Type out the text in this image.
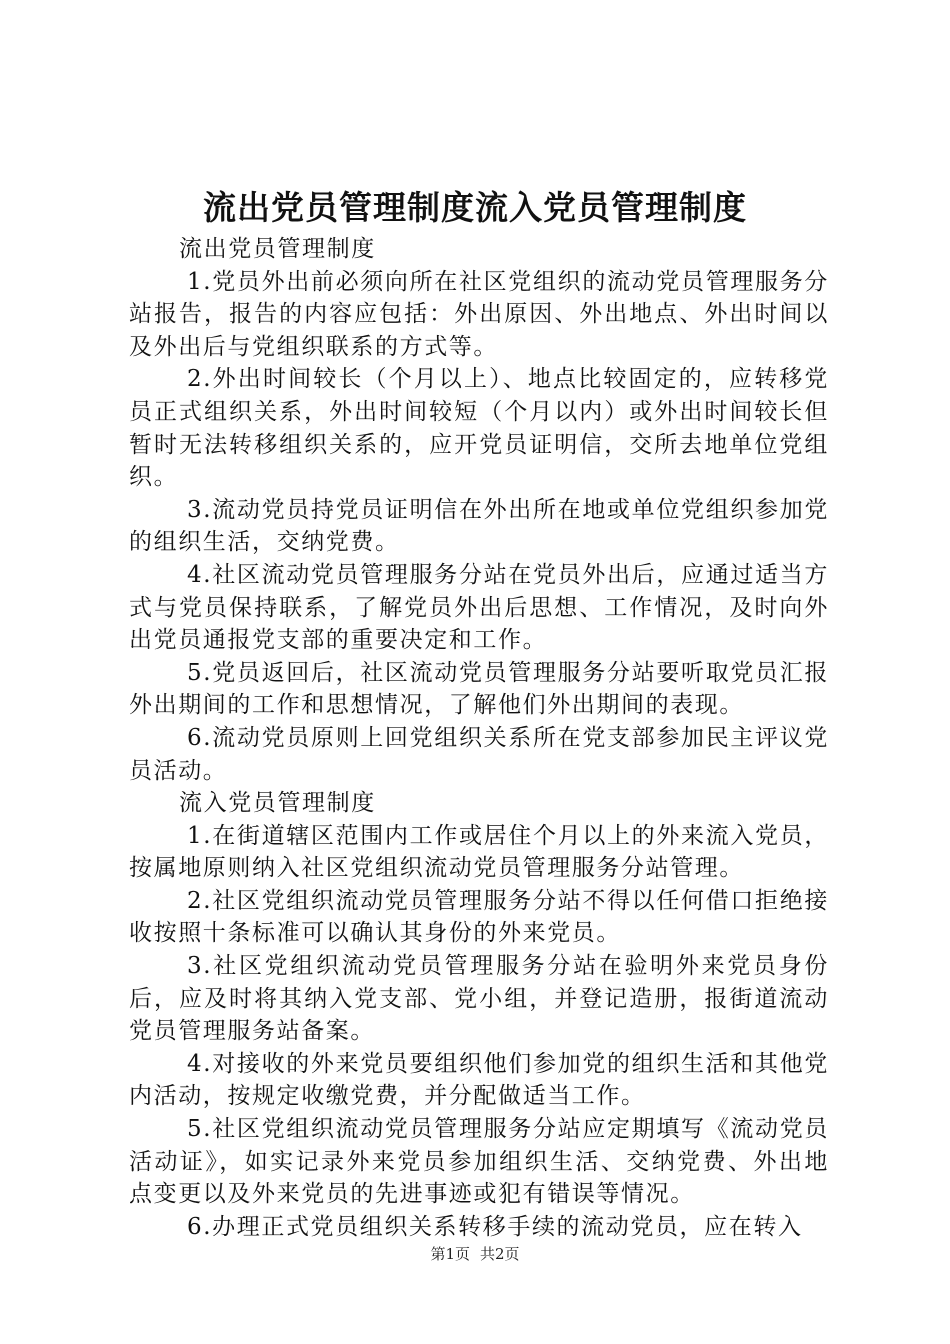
流出党员管理制度流入党员管理制度

流出党员管理制度

1.党员外出前必须向所在社区党组织的流动党员管理服务分站报告，报告的内容应包括：外出原因、外出地点、外出时间以及外出后与党组织联系的方式等。

2.外出时间较长（个月以上）、地点比较固定的，应转移党员正式组织关系，外出时间较短（个月以内）或外出时间较长但暂时无法转移组织关系的，应开党员证明信，交所去地单位党组织。

3.流动党员持党员证明信在外出所在地或单位党组织参加党的组织生活，交纳党费。

4.社区流动党员管理服务分站在党员外出后，应通过适当方式与党员保持联系，了解党员外出后思想、工作情况，及时向外出党员通报党支部的重要决定和工作。

5.党员返回后，社区流动党员管理服务分站要听取党员汇报外出期间的工作和思想情况，了解他们外出期间的表现。

6.流动党员原则上回党组织关系所在党支部参加民主评议党员活动。

流入党员管理制度

1.在街道辖区范围内工作或居住个月以上的外来流入党员，按属地原则纳入社区党组织流动党员管理服务分站管理。

2.社区党组织流动党员管理服务分站不得以任何借口拒绝接收按照十条标准可以确认其身份的外来党员。

3.社区党组织流动党员管理服务分站在验明外来党员身份后，应及时将其纳入党支部、党小组，并登记造册，报街道流动党员管理服务站备案。

4.对接收的外来党员要组织他们参加党的组织生活和其他党内活动，按规定收缴党费，并分配做适当工作。

5.社区党组织流动党员管理服务分站应定期填写《流动党员活动证》，如实记录外来党员参加组织生活、交纳党费、外出地点变更以及外来党员的先进事迹或犯有错误等情况。

6.办理正式党员组织关系转移手续的流动党员，应在转入

第1页 共2页
